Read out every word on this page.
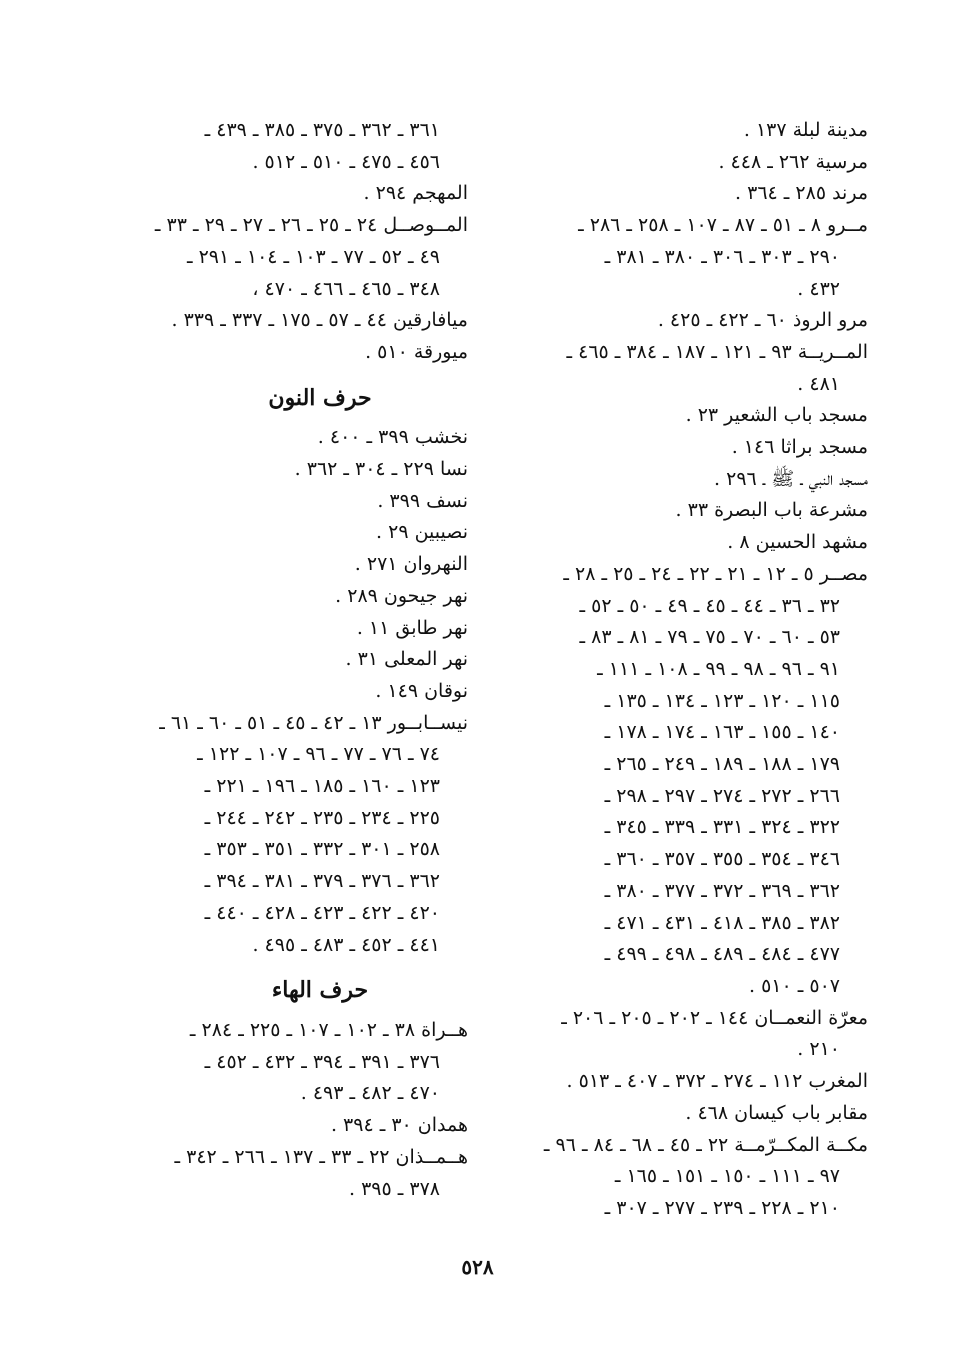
مدينة لبلة ١٣٧ .
مرسية ٢٦٢ ـ ٤٤٨ .
مرند ٢٨٥ ـ ٣٦٤ .
مــرو ٨ ـ ٥١ ـ ٨٧ ـ ١٠٧ ـ ٢٥٨ ـ ٢٨٦ ـ
٢٩٠ ـ ٣٠٣ ـ ٣٠٦ ـ ٣٨٠ ـ ٣٨١ ـ
٤٣٢ .
مرو الروذ ٦٠ ـ ٤٢٢ ـ ٤٢٥ .
المــريــة ٩٣ ـ ١٢١ ـ ١٨٧ ـ ٣٨٤ ـ ٤٦٥ ـ
٤٨١ .
مسجد باب الشعير ٢٣ .
مسجد براثا ١٤٦ .
مسجد النبي ـ ﷺ ـ ٢٩٦ .
مشرعة باب البصرة ٣٣ .
مشهد الحسين ٨ .
مصــر ٥ ـ ١٢ ـ ٢١ ـ ٢٢ ـ ٢٤ ـ ٢٥ ـ ٢٨ ـ
٣٢ ـ ٣٦ ـ ٤٤ ـ ٤٥ ـ ٤٩ ـ ٥٠ ـ ٥٢ ـ
٥٣ ـ ٦٠ ـ ٧٠ ـ ٧٥ ـ ٧٩ ـ ٨١ ـ ٨٣ ـ
٩١ ـ ٩٦ ـ ٩٨ ـ ٩٩ ـ ١٠٨ ـ ١١١ ـ
١١٥ ـ ١٢٠ ـ ١٢٣ ـ ١٣٤ ـ ١٣٥ ـ
١٤٠ ـ ١٥٥ ـ ١٦٣ ـ ١٧٤ ـ ١٧٨ ـ
١٧٩ ـ ١٨٨ ـ ١٨٩ ـ ٢٤٩ ـ ٢٦٥ ـ
٢٦٦ ـ ٢٧٢ ـ ٢٧٤ ـ ٢٩٧ ـ ٢٩٨ ـ
٣٢٢ ـ ٣٢٤ ـ ٣٣١ ـ ٣٣٩ ـ ٣٤٥ ـ
٣٤٦ ـ ٣٥٤ ـ ٣٥٥ ـ ٣٥٧ ـ ٣٦٠ ـ
٣٦٢ ـ ٣٦٩ ـ ٣٧٢ ـ ٣٧٧ ـ ٣٨٠ ـ
٣٨٢ ـ ٣٨٥ ـ ٤١٨ ـ ٤٣١ ـ ٤٧١ ـ
٤٧٧ ـ ٤٨٤ ـ ٤٨٩ ـ ٤٩٨ ـ ٤٩٩ ـ
٥٠٧ ـ ٥١٠ .
معرّة النعمــان ١٤٤ ـ ٢٠٢ ـ ٢٠٥ ـ ٢٠٦ ـ
٢١٠ .
المغرب ١١٢ ـ ٢٧٤ ـ ٣٧٢ ـ ٤٠٧ ـ ٥١٣ .
مقابر باب كيسان ٤٦٨ .
مكــة المكــرّمــة ٢٢ ـ ٤٥ ـ ٦٨ ـ ٨٤ ـ ٩٦ ـ
٩٧ ـ ١١١ ـ ١٥٠ ـ ١٥١ ـ ١٦٥ ـ
٢١٠ ـ ٢٢٨ ـ ٢٣٩ ـ ٢٧٧ ـ ٣٠٧ ـ
٣٦١ ـ ٣٦٢ ـ ٣٧٥ ـ ٣٨٥ ـ ٤٣٩ ـ
٤٥٦ ـ ٤٧٥ ـ ٥١٠ ـ ٥١٢ .
المهجم ٢٩٤ .
المــوصــل ٢٤ ـ ٢٥ ـ ٢٦ ـ ٢٧ ـ ٢٩ ـ ٣٣ ـ
٤٩ ـ ٥٢ ـ ٧٧ ـ ١٠٣ ـ ١٠٤ ـ ٢٩١ ـ
٣٤٨ ـ ٤٦٥ ـ ٤٦٦ ـ ٤٧٠ ،
ميافارقين ٤٤ ـ ٥٧ ـ ١٧٥ ـ ٣٣٧ ـ ٣٣٩ .
ميورقة ٥١٠ .
حرف النون
نخشب ٣٩٩ ـ ٤٠٠ .
نسا ٢٢٩ ـ ٣٠٤ ـ ٣٦٢ .
نسف ٣٩٩ .
نصيبين ٢٩ .
النهروان ٢٧١ .
نهر جيحون ٢٨٩ .
نهر طابق ١١ .
نهر المعلى ٣١ .
نوقان ١٤٩ .
نيســابــور ١٣ ـ ٤٢ ـ ٤٥ ـ ٥١ ـ ٦٠ ـ ٦١ ـ
٧٤ ـ ٧٦ ـ ٧٧ ـ ٩٦ ـ ١٠٧ ـ ١٢٢ ـ
١٢٣ ـ ١٦٠ ـ ١٨٥ ـ ١٩٦ ـ ٢٢١ ـ
٢٢٥ ـ ٢٣٤ ـ ٢٣٥ ـ ٢٤٢ ـ ٢٤٤ ـ
٢٥٨ ـ ٣٠١ ـ ٣٣٢ ـ ٣٥١ ـ ٣٥٣ ـ
٣٦٢ ـ ٣٧٦ ـ ٣٧٩ ـ ٣٨١ ـ ٣٩٤ ـ
٤٢٠ ـ ٤٢٢ ـ ٤٢٣ ـ ٤٢٨ ـ ٤٤٠ ـ
٤٤١ ـ ٤٥٢ ـ ٤٨٣ ـ ٤٩٥ .
حرف الهاء
هــراة ٣٨ ـ ١٠٢ ـ ١٠٧ ـ ٢٢٥ ـ ٢٨٤ ـ
٣٧٦ ـ ٣٩١ ـ ٣٩٤ ـ ٤٣٢ ـ ٤٥٢ ـ
٤٧٠ ـ ٤٨٢ ـ ٤٩٣ .
همدان ٣٠ ـ ٣٩٤ .
هــمــذان ٢٢ ـ ٣٣ ـ ١٣٧ ـ ٢٦٦ ـ ٣٤٢ ـ
٣٧٨ ـ ٣٩٥ .
٥٢٨
